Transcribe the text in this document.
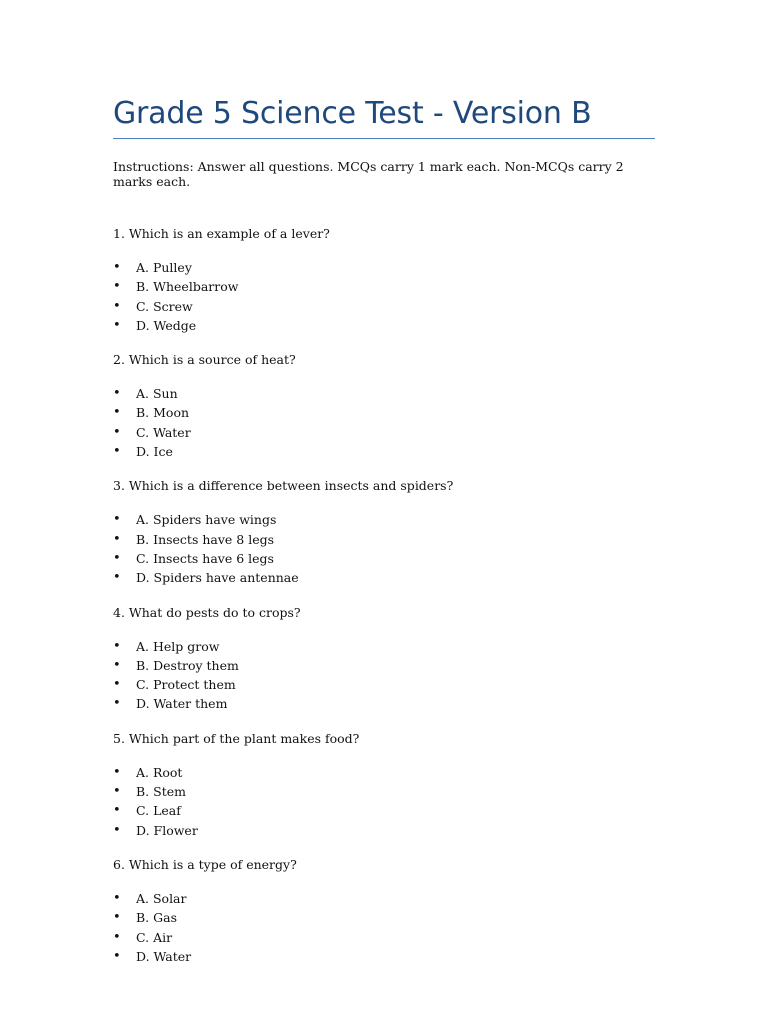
Grade 5 Science Test - Version B

Instructions: Answer all questions. MCQs carry 1 mark each. Non-MCQs carry 2 marks each.

1. Which is an example of a lever?

• A. Pulley
• B. Wheelbarrow
• C. Screw
• D. Wedge

2. Which is a source of heat?

• A. Sun
• B. Moon
• C. Water
• D. Ice

3. Which is a difference between insects and spiders?

• A. Spiders have wings
• B. Insects have 8 legs
• C. Insects have 6 legs
• D. Spiders have antennae

4. What do pests do to crops?

• A. Help grow
• B. Destroy them
• C. Protect them
• D. Water them

5. Which part of the plant makes food?

• A. Root
• B. Stem
• C. Leaf
• D. Flower

6. Which is a type of energy?

• A. Solar
• B. Gas
• C. Air
• D. Water
